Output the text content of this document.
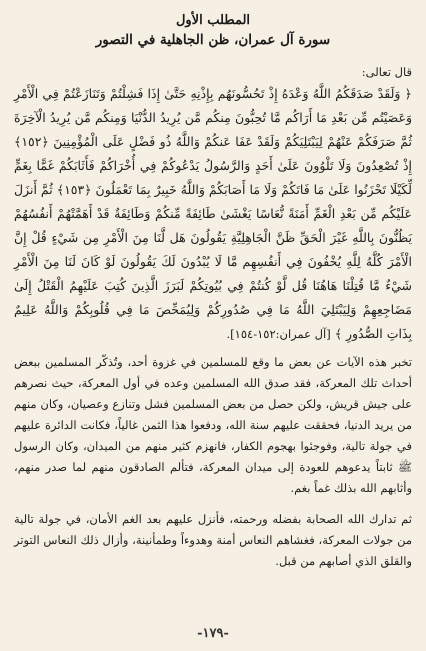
المطلب الأول
سورة آل عمران، ظن الجاهلية في التصور

قال تعالى:

﴿ وَلَقَدْ صَدَقَكُمُ اللَّهُ وَعْدَهُ إِذْ تَحُسُّونَهُم بِإِذْنِهِ حَتَّىٰ إِذَا فَشِلْتُمْ وَتَنَازَعْتُمْ فِي الْأَمْرِ وَعَصَيْتُم مِّن بَعْدِ مَا أَرَاكُم مَّا تُحِبُّونَ مِنكُم مَّن يُرِيدُ الدُّنْيَا وَمِنكُم مَّن يُرِيدُ الْآخِرَةَ ثُمَّ صَرَفَكُمْ عَنْهُمْ لِيَبْتَلِيَكُمْ وَلَقَدْ عَفَا عَنكُمْ وَاللَّهُ ذُو فَضْلٍ عَلَى الْمُؤْمِنِينَ ﴿١٥٢﴾ إِذْ تُصْعِدُونَ وَلَا تَلْوُونَ عَلَىٰ أَحَدٍ وَالرَّسُولُ يَدْعُوكُمْ فِي أُخْرَاكُمْ فَأَثَابَكُمْ غَمًّا بِغَمٍّ لِّكَيْلَا تَحْزَنُوا عَلَىٰ مَا فَاتَكُمْ وَلَا مَا أَصَابَكُمْ وَاللَّهُ خَبِيرٌ بِمَا تَعْمَلُونَ ﴿١٥٣﴾ ثُمَّ أَنزَلَ عَلَيْكُم مِّن بَعْدِ الْغَمِّ أَمَنَةً نُّعَاسًا يَغْشَىٰ طَائِفَةً مِّنكُمْ وَطَائِفَةٌ قَدْ أَهَمَّتْهُمْ أَنفُسُهُمْ يَظُنُّونَ بِاللَّهِ غَيْرَ الْحَقِّ ظَنَّ الْجَاهِلِيَّةِ يَقُولُونَ هَل لَّنَا مِنَ الْأَمْرِ مِن شَيْءٍ قُلْ إِنَّ الْأَمْرَ كُلَّهُ لِلَّهِ يُخْفُونَ فِي أَنفُسِهِم مَّا لَا يُبْدُونَ لَكَ يَقُولُونَ لَوْ كَانَ لَنَا مِنَ الْأَمْرِ شَيْءٌ مَّا قُتِلْنَا هَاهُنَا قُل لَّوْ كُنتُمْ فِي بُيُوتِكُمْ لَبَرَزَ الَّذِينَ كُتِبَ عَلَيْهِمُ الْقَتْلُ إِلَىٰ مَضَاجِعِهِمْ وَلِيَبْتَلِيَ اللَّهُ مَا فِي صُدُورِكُمْ وَلِيُمَحِّصَ مَا فِي قُلُوبِكُمْ وَاللَّهُ عَلِيمٌ بِذَاتِ الصُّدُورِ ﴾ [آل عمران:١٥٢-١٥٤].

تخبر هذه الآيات عن بعض ما وقع للمسلمين في غزوة أحد، وتُذكّر المسلمين ببعض أحداث تلك المعركة، فقد صدق الله المسلمين وعده في أول المعركة، حيث نصرهم على جيش قريش، ولكن حصل من بعض المسلمين فشل وتنازع وعصيان، وكان منهم من يريد الدنيا، فحققت عليهم سنة الله، ودفعوا هذا الثمن غالياً، فكانت الدائرة عليهم في جولة تالية، وفوجئوا بهجوم الكفار، فانهزم كثير منهم من الميدان، وكان الرسول ﷺ ثابتاً يدعوهم للعودة إلى ميدان المعركة، فتألم الصادقون منهم لما صدر منهم، وأثابهم الله بذلك غماً بغم.

ثم تدارك الله الصحابة بفضله ورحمته، فأنزل عليهم بعد الغم الأمان، في جولة تالية من جولات المعركة، فغشاهم النعاس أمنة وهدوءاً وطمأنينة، وأزال ذلك النعاس التوتر والقلق الذي أصابهم من قبل.

-١٧٩-
